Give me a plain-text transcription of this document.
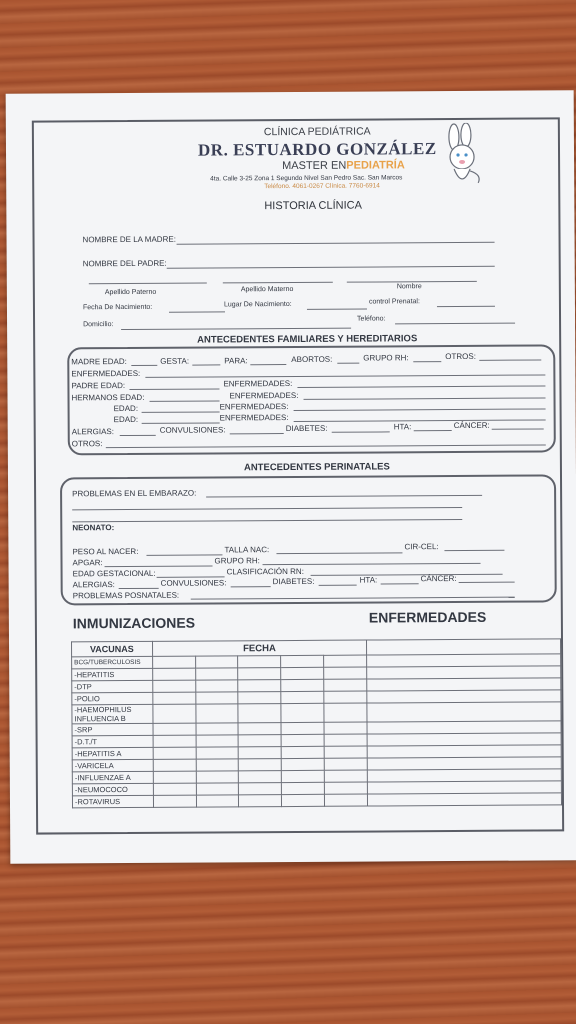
CLÍNICA PEDIÁTRICA
DR. ESTUARDO GONZÁLEZ
MASTER ENPEDIATRÍA
4ta. Calle 3-25 Zona 1 Segundo Nivel San Pedro Sac. San Marcos
Teléfono. 4061-0267 Clínica. 7760-6914
HISTORIA CLÍNICA
NOMBRE DE LA MADRE:
NOMBRE DEL PADRE:
Apellido Paterno	Apellido Materno	Nombre
Fecha De Nacimiento:	Lugar De Nacimiento:	control Prenatal:
Domicilio:
Teléfono:
ANTECEDENTES FAMILIARES Y HEREDITARIOS
MADRE EDAD:	GESTA:	PARA:	ABORTOS:	GRUPO RH:	OTROS:
ENFERMEDADES:
PADRE EDAD:	ENFERMEDADES:
HERMANOS EDAD:	ENFERMEDADES:
EDAD:	ENFERMEDADES:
EDAD:	ENFERMEDADES:
ALERGIAS:	CONVULSIONES:	DIABETES:	HTA:	CÁNCER:
OTROS:
ANTECEDENTES PERINATALES
PROBLEMAS EN EL EMBARAZO:
NEONATO:
PESO AL NACER:	TALLA NAC:	CIR-CEL:
APGAR:	GRUPO RH:
EDAD GESTACIONAL:	CLASIFICACIÓN RN:
ALERGIAS:	CONVULSIONES:	DIABETES:	HTA:	CÁNCER:
PROBLEMAS POSNATALES:
INMUNIZACIONES	ENFERMEDADES
VACUNAS	FECHA					
BCG/TUBERCULOSIS						
-HEPATITIS						
-DTP						
-POLIO						
-HAEMOPHILUS INFLUENCIA B						
-SRP						
-D.T./T						
-HEPATITIS A						
-VARICELA						
-INFLUENZAE A						
-NEUMOCOCO						
-ROTAVIRUS						
